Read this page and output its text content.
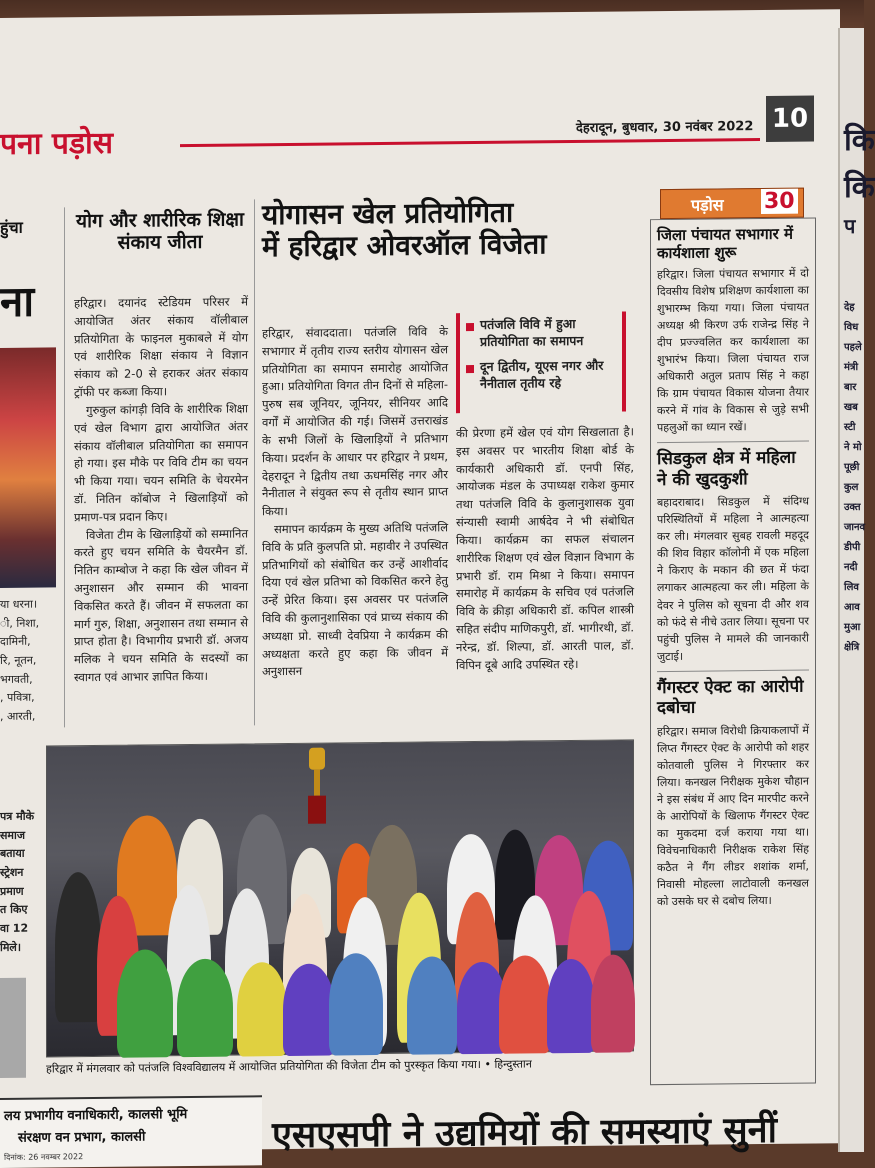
पना पड़ोस	देहरादून, बुधवार, 30 नवंबर 2022 10
हुंचा
ना
या धरना।
ी, निशा,
दामिनी,
रि, नूतन,
भगवती,
, पवित्रा,
, आरती,
पत्र मौके
समाज
बताया
स्ट्रेशन
प्रमाण
त किए
वा 12
मिले।
योग और शारीरिक शिक्षा संकाय जीता

हरिद्वार। दयानंद स्टेडियम परिसर में आयोजित अंतर संकाय वॉलीबाल प्रतियोगिता के फाइनल मुकाबले में योग एवं शारीरिक शिक्षा संकाय ने विज्ञान संकाय को 2-0 से हराकर अंतर संकाय ट्रॉफी पर कब्जा किया।

गुरुकुल कांगड़ी विवि के शारीरिक शिक्षा एवं खेल विभाग द्वारा आयोजित अंतर संकाय वॉलीबाल प्रतियोगिता का समापन हो गया। इस मौके पर विवि टीम का चयन भी किया गया। चयन समिति के चेयरमेन डॉ. नितिन कॉबोज ने खिलाड़ियों को प्रमाण-पत्र प्रदान किए।

विजेता टीम के खिलाड़ियों को सम्मानित करते हुए चयन समिति के चैयरमैन डॉ. नितिन काम्बोज ने कहा कि खेल जीवन में अनुशासन और सम्मान की भावना विकसित करते हैं। जीवन में सफलता का मार्ग गुरु, शिक्षा, अनुशासन तथा सम्मान से प्राप्त होता है। विभागीय प्रभारी डॉ. अजय मलिक ने चयन समिति के सदस्यों का स्वागत एवं आभार ज्ञापित किया।

योगासन खेल प्रतियोगिता
में हरिद्वार ओवरऑल विजेता

हरिद्वार, संवाददाता। पतंजलि विवि के सभागार में तृतीय राज्य स्तरीय योगासन खेल प्रतियोगिता का समापन समारोह आयोजित हुआ। प्रतियोगिता विगत तीन दिनों से महिला-पुरुष सब जूनियर, जूनियर, सीनियर आदि वर्गों में आयोजित की गई। जिसमें उत्तराखंड के सभी जिलों के खिलाड़ियों ने प्रतिभाग किया। प्रदर्शन के आधार पर हरिद्वार ने प्रथम, देहरादून ने द्वितीय तथा ऊधमसिंह नगर और नैनीताल ने संयुक्त रूप से तृतीय स्थान प्राप्त किया।

समापन कार्यक्रम के मुख्य अतिथि पतंजलि विवि के प्रति कुलपति प्रो. महावीर ने उपस्थित प्रतिभागियों को संबोधित कर उन्हें आशीर्वाद दिया एवं खेल प्रतिभा को विकसित करने हेतु उन्हें प्रेरित किया। इस अवसर पर पतंजलि विवि की कुलानुशासिका एवं प्राच्य संकाय की अध्यक्षा प्रो. साध्वी देवप्रिया ने कार्यक्रम की अध्यक्षता करते हुए कहा कि जीवन में अनुशासन

पतंजलि विवि में हुआ प्रतियोगिता का समापन
दून द्वितीय, यूएस नगर और नैनीताल तृतीय रहे

की प्रेरणा हमें खेल एवं योग सिखलाता है। इस अवसर पर भारतीय शिक्षा बोर्ड के कार्यकारी अधिकारी डॉ. एनपी सिंह, आयोजक मंडल के उपाध्यक्ष राकेश कुमार तथा पतंजलि विवि के कुलानुशासक युवा संन्यासी स्वामी आर्षदेव ने भी संबोधित किया। कार्यक्रम का सफल संचालन शारीरिक शिक्षण एवं खेल विज्ञान विभाग के प्रभारी डॉ. राम मिश्रा ने किया। समापन समारोह में कार्यक्रम के सचिव एवं पतंजलि विवि के क्रीड़ा अधिकारी डॉ. कपिल शास्त्री सहित संदीप माणिकपुरी, डॉ. भागीरथी, डॉ. नरेन्द्र, डॉ. शिल्पा, डॉ. आरती पाल, डॉ. विपिन दूबे आदि उपस्थित रहे।

हरिद्वार में मंगलवार को पतंजलि विश्वविद्यालय में आयोजित प्रतियोगिता की विजेता टीम को पुरस्कृत किया गया। • हिन्दुस्तान
पड़ोस 30
जिला पंचायत सभागार में कार्यशाला शुरू

हरिद्वार। जिला पंचायत सभागार में दो दिवसीय विशेष प्रशिक्षण कार्यशाला का शुभारम्भ किया गया। जिला पंचायत अध्यक्ष श्री किरण उर्फ राजेन्द्र सिंह ने दीप प्रज्ज्वलित कर कार्यशाला का शुभारंभ किया। जिला पंचायत राज अधिकारी अतुल प्रताप सिंह ने कहा कि ग्राम पंचायत विकास योजना तैयार करने में गांव के विकास से जुड़े सभी पहलुओं का ध्यान रखें।

सिडकुल क्षेत्र में महिला ने की खुदकुशी

बहादराबाद। सिडकुल में संदिग्ध परिस्थितियों में महिला ने आत्महत्या कर ली। मंगलवार सुबह रावली महदूद की शिव विहार कॉलोनी में एक महिला ने किराए के मकान की छत में फंदा लगाकर आत्महत्या कर ली। महिला के देवर ने पुलिस को सूचना दी और शव को फंदे से नीचे उतार लिया। सूचना पर पहुंची पुलिस ने मामले की जानकारी जुटाई।

गैंगस्टर ऐक्ट का आरोपी दबोचा

हरिद्वार। समाज विरोधी क्रियाकलापों में लिप्त गैंगस्टर ऐक्ट के आरोपी को शहर कोतवाली पुलिस ने गिरफ्तार कर लिया। कनखल निरीक्षक मुकेश चौहान ने इस संबंध में आए दिन मारपीट करने के आरोपियों के खिलाफ गैंगस्टर ऐक्ट का मुकदमा दर्ज कराया गया था। विवेचनाधिकारी निरीक्षक राकेश सिंह कठैत ने गैंग लीडर शशांक शर्मा, निवासी मोहल्ला लाटोवाली कनखल को उसके घर से दबोच लिया।

लय प्रभागीय वनाधिकारी, कालसी भूमि
संरक्षण वन प्रभाग, कालसी
दिनांक: 26 नवम्बर 2022
एसएसपी ने उद्यमियों की समस्याएं सुनीं
कि
कि
प
देह
विध
पहले
मंत्री
बार
खब
स्टी
ने मो
पूछी
कुल
उक्त
जानव
डीपी
नदी
लिव
आव
मुआ
क्षेत्रि
